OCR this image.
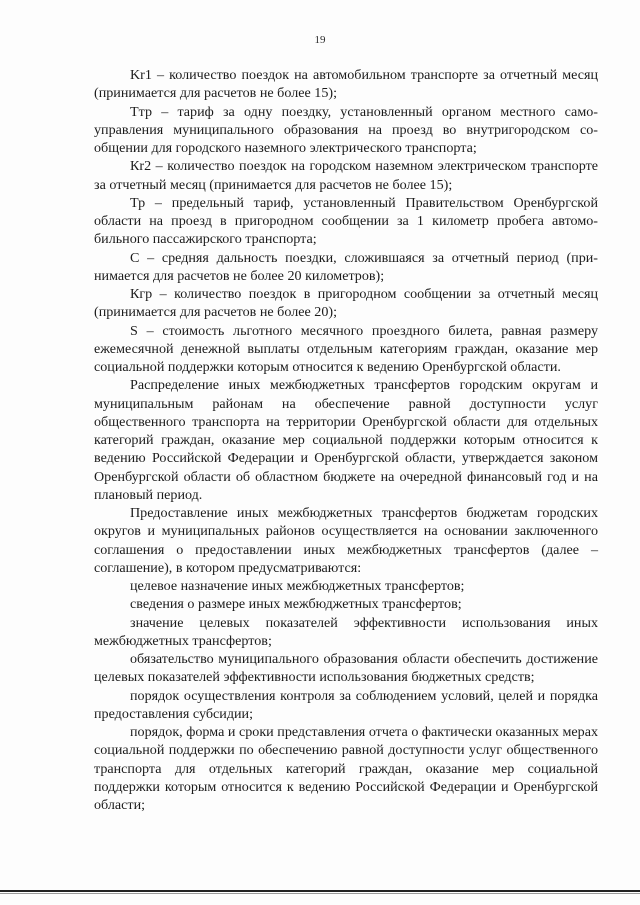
19

Kr1 – количество поездок на автомобильном транспорте за отчетный месяц (принимается для расчетов не более 15);

Ттр – тариф за одну поездку, установленный органом местного самоуправления муниципального образования на проезд во внутригородском сообщении для городского наземного электрического транспорта;

Кr2 – количество поездок на городском наземном электрическом транспорте за отчетный месяц (принимается для расчетов не более 15);

Тр – предельный тариф, установленный Правительством Оренбургской области на проезд в пригородном сообщении за 1 километр пробега автомобильного пассажирского транспорта;

С – средняя дальность поездки, сложившаяся за отчетный период (принимается для расчетов не более 20 километров);

Кгр – количество поездок в пригородном сообщении за отчетный месяц (принимается для расчетов не более 20);

S – стоимость льготного месячного проездного билета, равная размеру ежемесячной денежной выплаты отдельным категориям граждан, оказание мер социальной поддержки которым относится к ведению Оренбургской области.

Распределение иных межбюджетных трансфертов городским округам и муниципальным районам на обеспечение равной доступности услуг общественного транспорта на территории Оренбургской области для отдельных категорий граждан, оказание мер социальной поддержки которым относится к ведению Российской Федерации и Оренбургской области, утверждается законом Оренбургской области об областном бюджете на очередной финансовый год и на плановый период.

Предоставление иных межбюджетных трансфертов бюджетам городских округов и муниципальных районов осуществляется на основании заключенного соглашения о предоставлении иных межбюджетных трансфертов (далее – соглашение), в котором предусматриваются:

целевое назначение иных межбюджетных трансфертов;

сведения о размере иных межбюджетных трансфертов;

значение целевых показателей эффективности использования иных межбюджетных трансфертов;

обязательство муниципального образования области обеспечить достижение целевых показателей эффективности использования бюджетных средств;

порядок осуществления контроля за соблюдением условий, целей и порядка предоставления субсидии;

порядок, форма и сроки представления отчета о фактически оказанных мерах социальной поддержки по обеспечению равной доступности услуг общественного транспорта для отдельных категорий граждан, оказание мер социальной поддержки которым относится к ведению Российской Федерации и Оренбургской области;
